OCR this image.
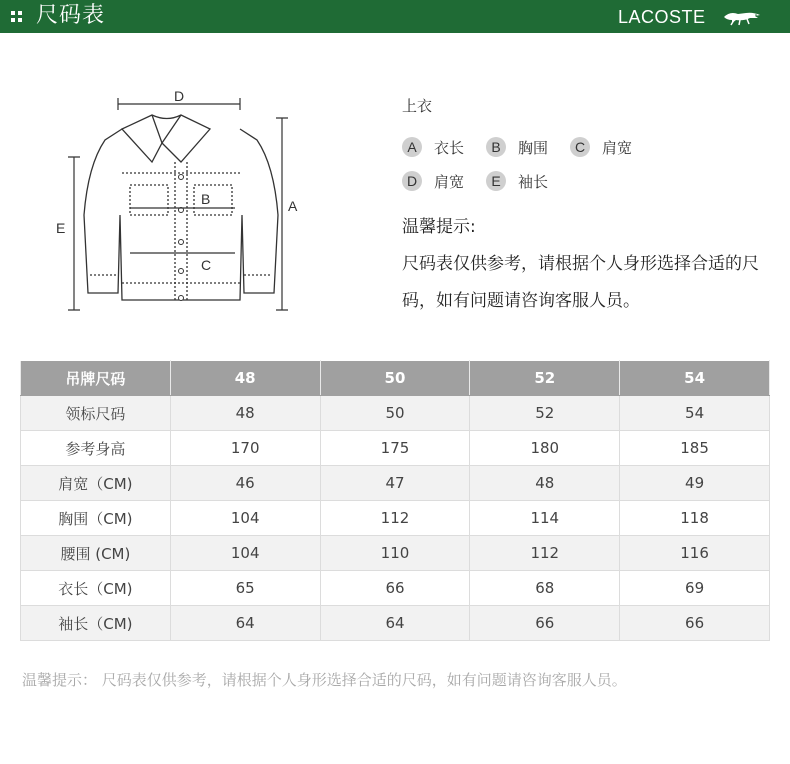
尺码表	LACOSTE
D
A
E
B
C
上衣
A	衣长	B	胸围	C	肩宽
D	肩宽	E	袖长
温馨提示:
尺码表仅供参考，请根据个人身形选择合适的尺码，如有问题请咨询客服人员。
吊牌尺码	48	50	52	54
领标尺码	48	50	52	54
参考身高	170	175	180	185
肩宽（CM)	46	47	48	49
胸围（CM)	104	112	114	118
腰围 (CM)	104	110	112	116
衣长（CM)	65	66	68	69
袖长（CM)	64	64	66	66
温馨提示： 尺码表仅供参考，请根据个人身形选择合适的尺码，如有问题请咨询客服人员。
